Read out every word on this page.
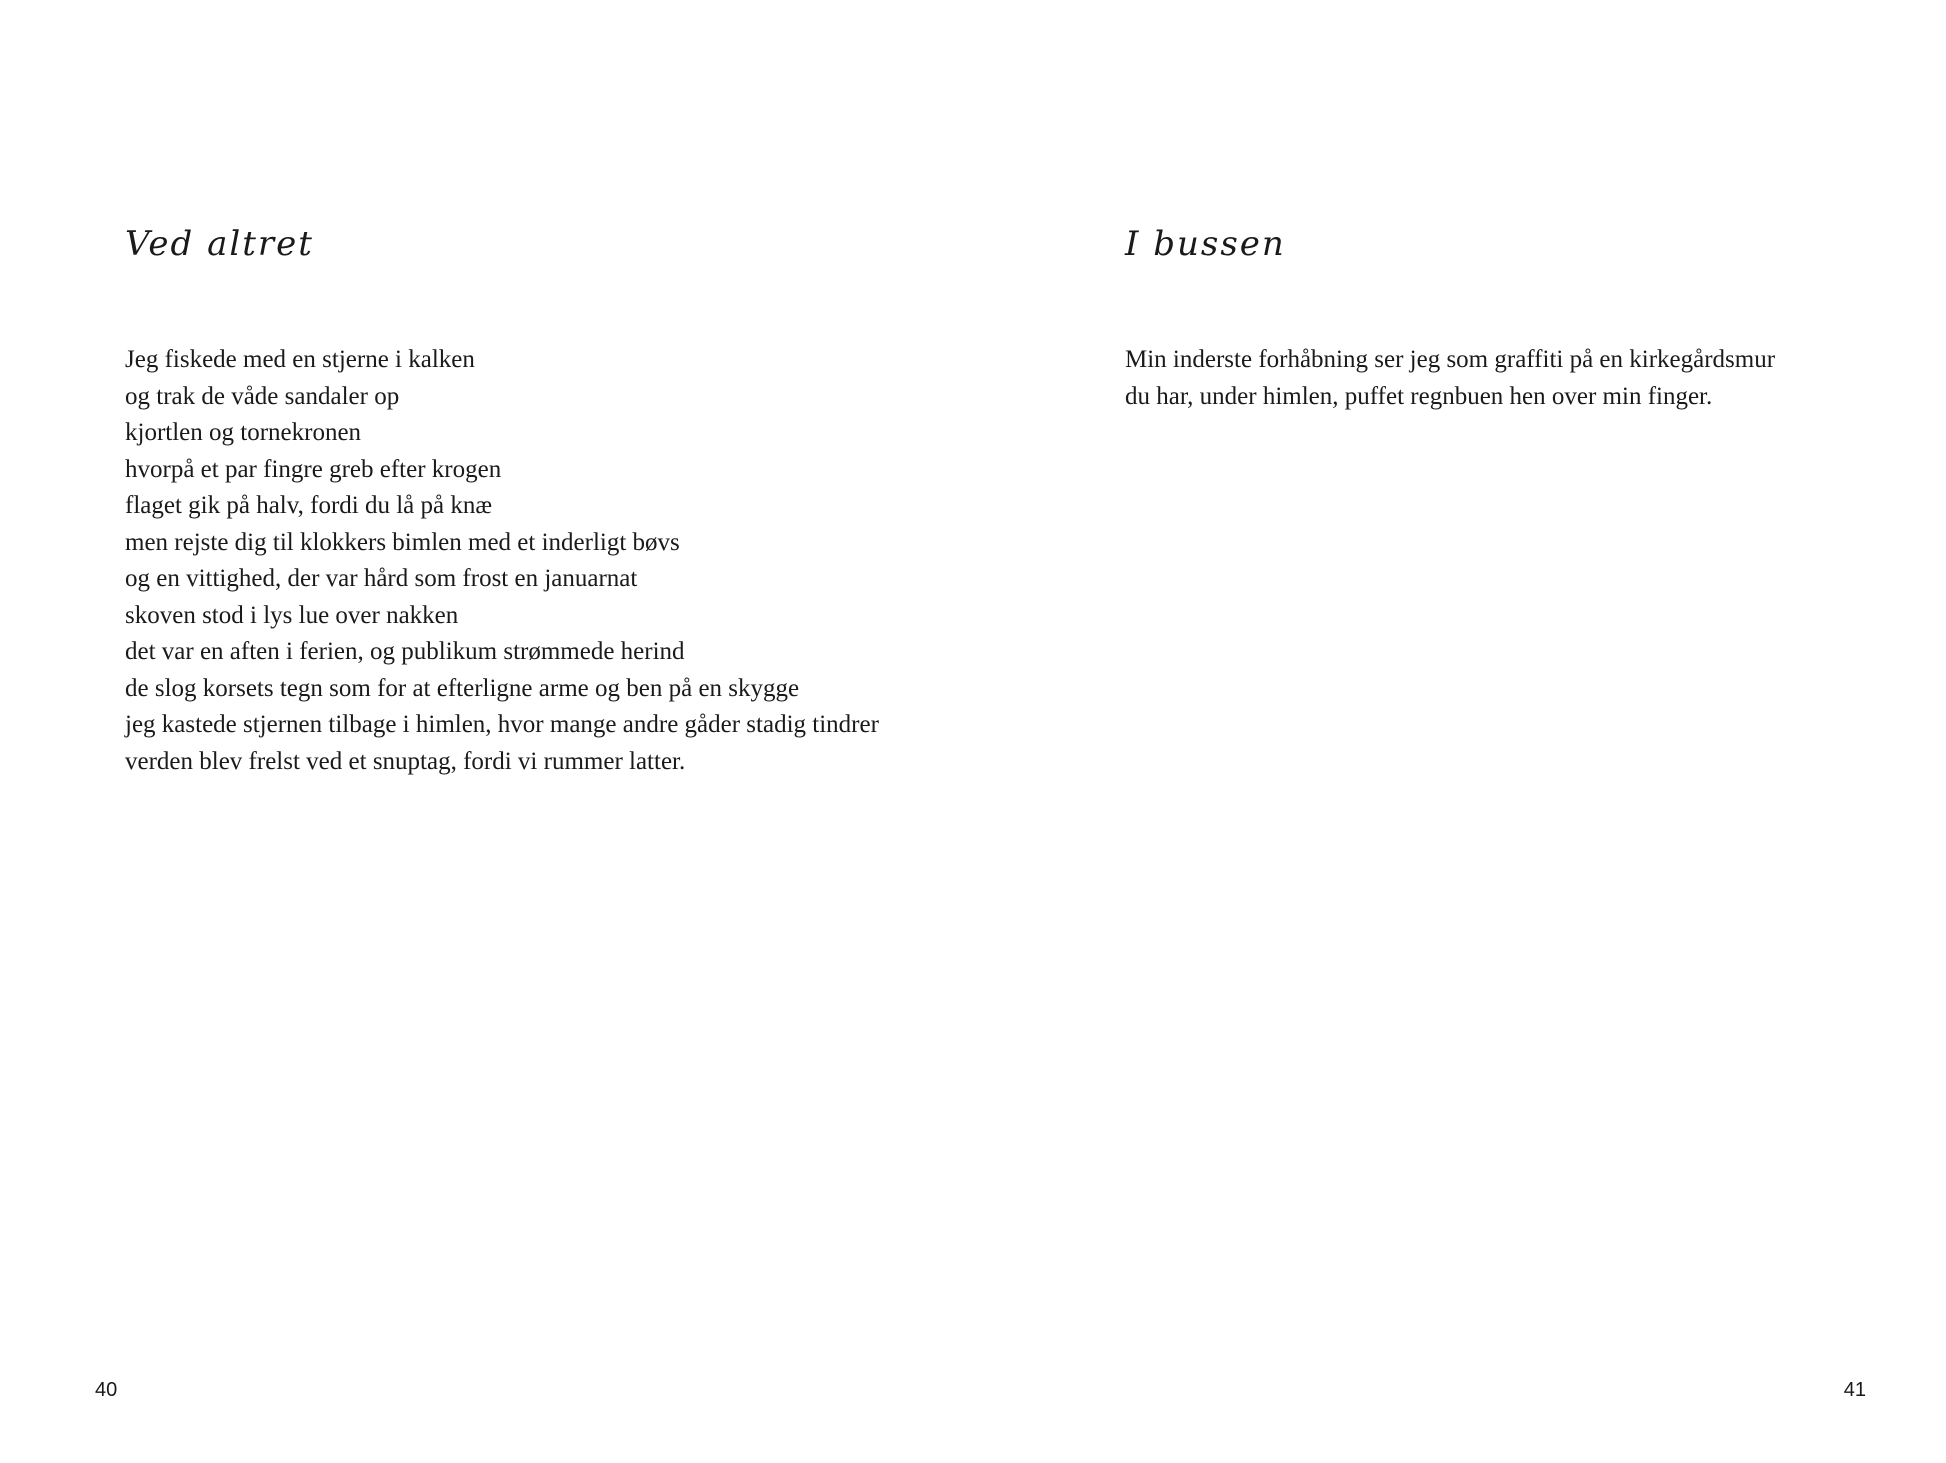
Ved altret
Jeg fiskede med en stjerne i kalken
og trak de våde sandaler op
kjortlen og tornekronen
hvorpå et par fingre greb efter krogen
flaget gik på halv, fordi du lå på knæ
men rejste dig til klokkers bimlen med et inderligt bøvs
og en vittighed, der var hård som frost en januarnat
skoven stod i lys lue over nakken
det var en aften i ferien, og publikum strømmede herind
de slog korsets tegn som for at efterligne arme og ben på en skygge
jeg kastede stjernen tilbage i himlen, hvor mange andre gåder stadig tindrer
verden blev frelst ved et snuptag, fordi vi rummer latter.

40

I bussen
Min inderste forhåbning ser jeg som graffiti på en kirkegårdsmur
du har, under himlen, puffet regnbuen hen over min finger.

41
